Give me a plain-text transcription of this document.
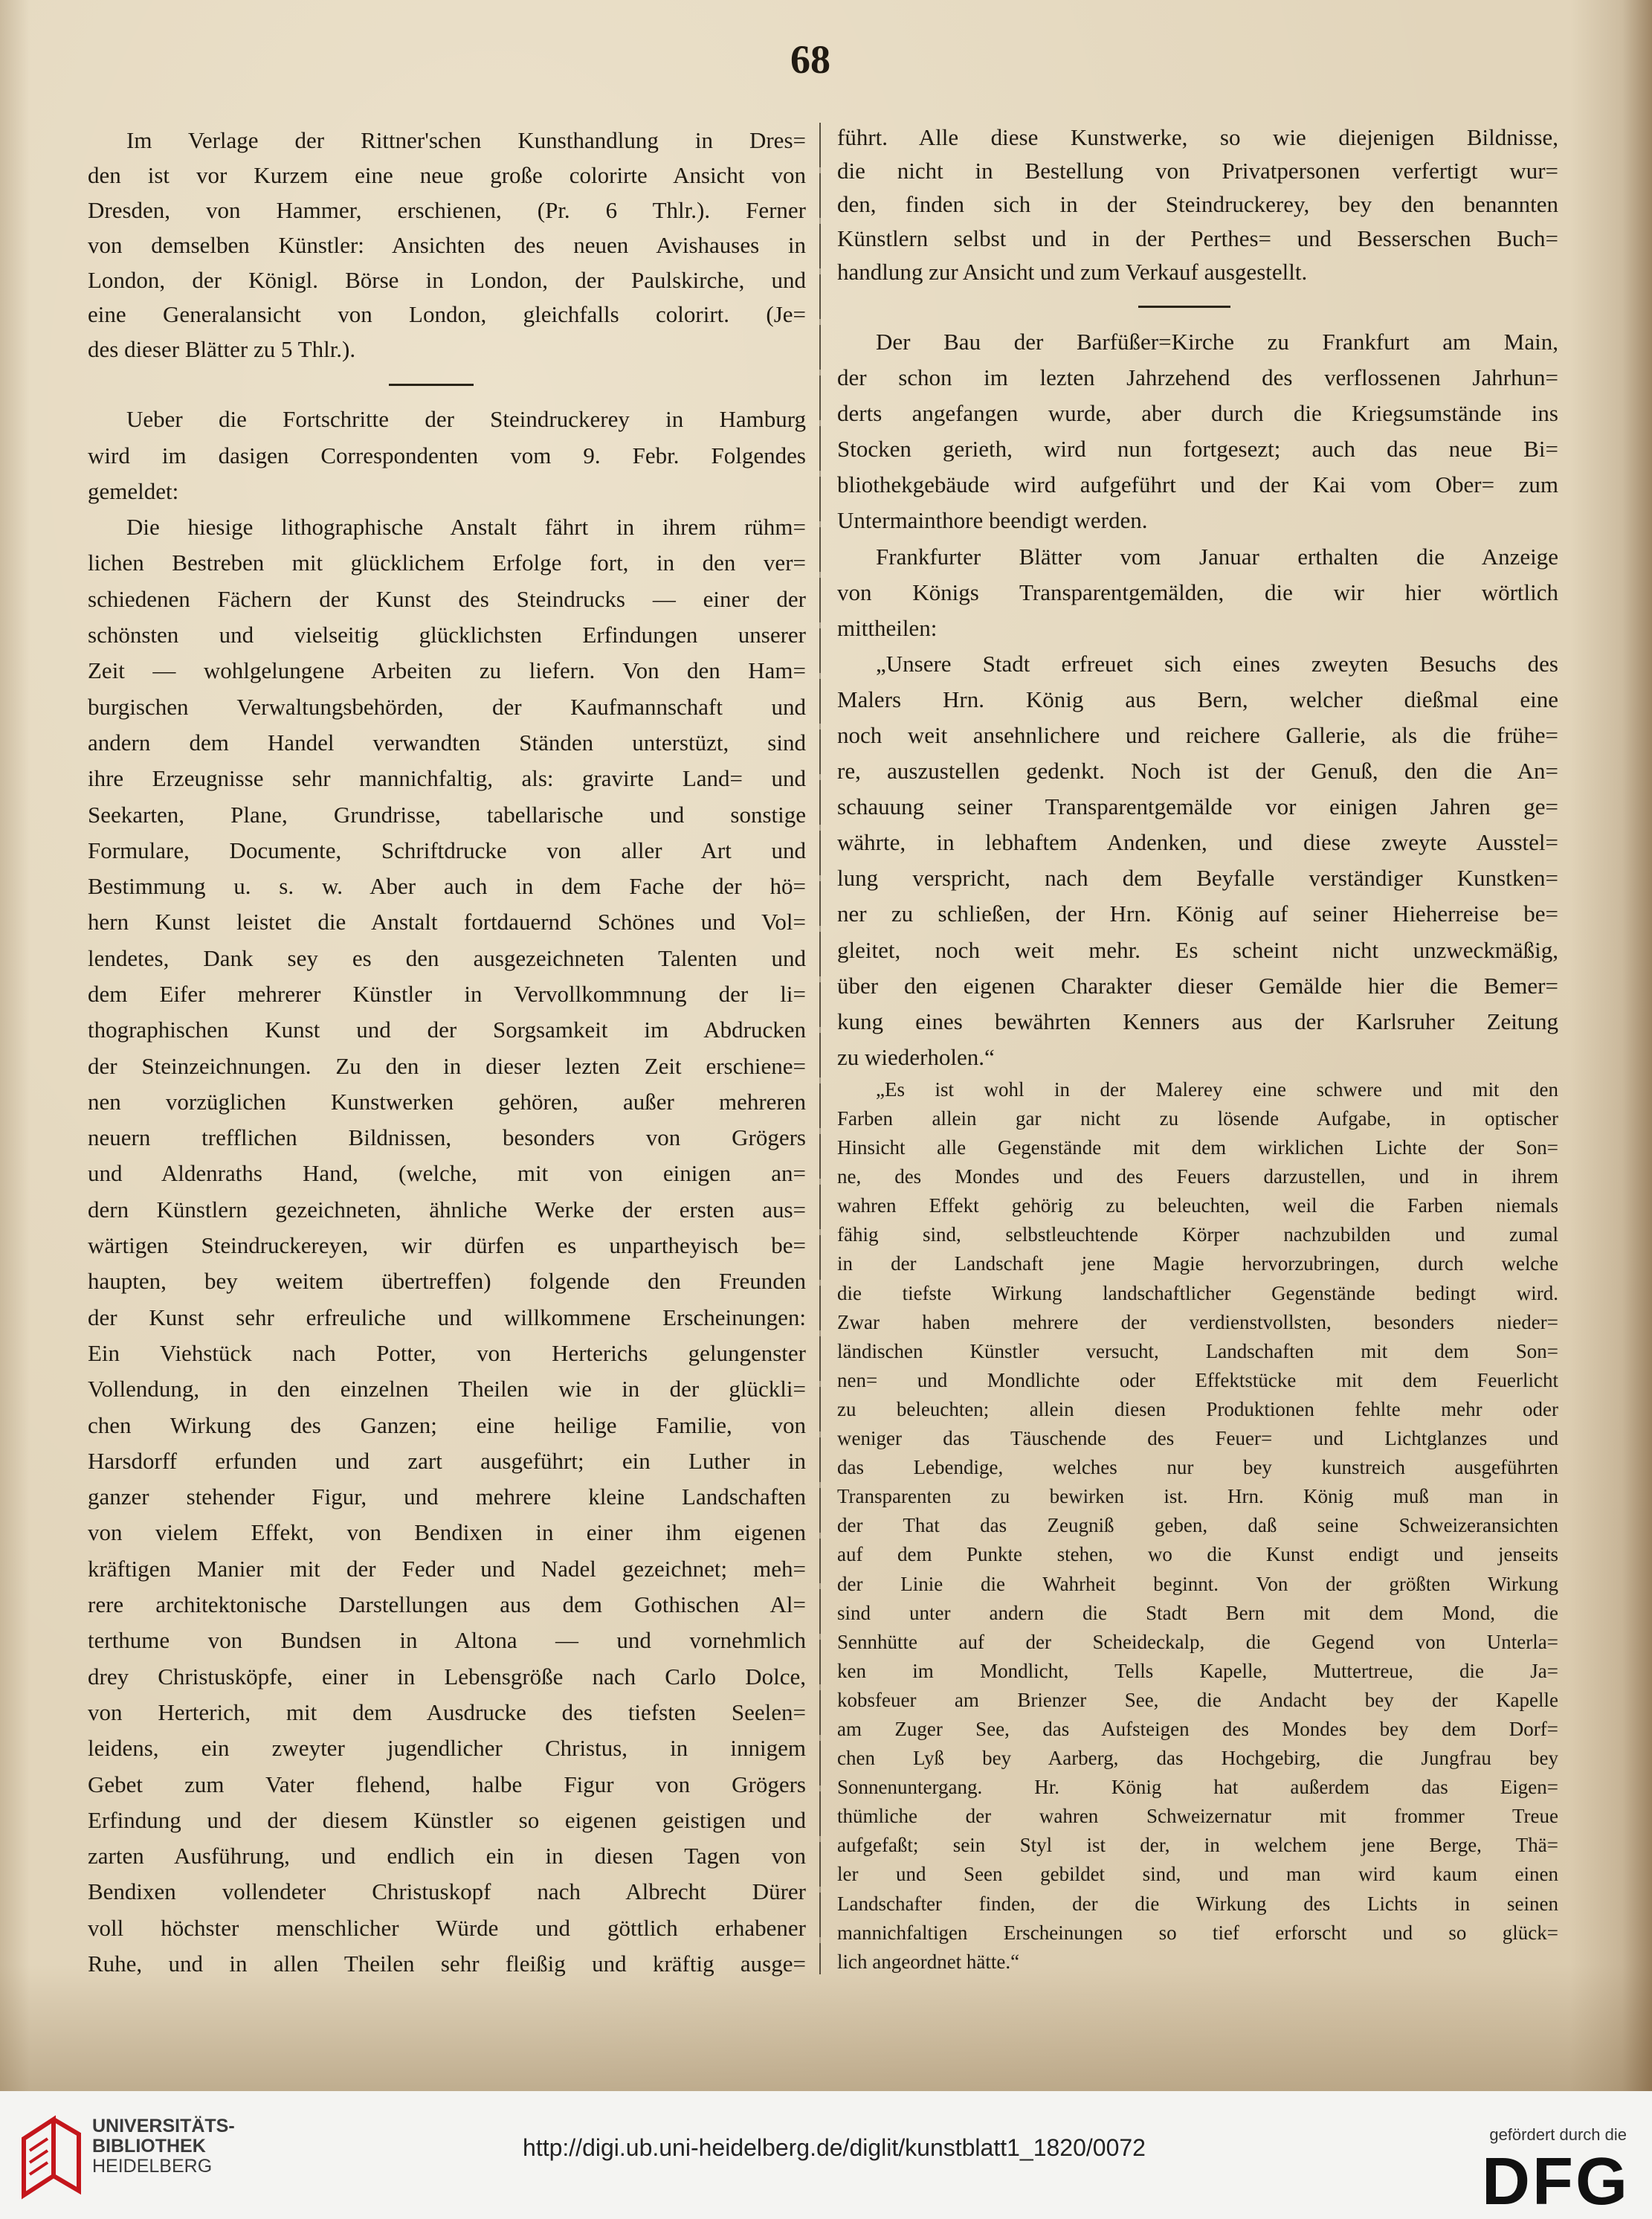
68
Im Verlage der Rittner'schen Kunsthandlung in Dres=
den ist vor Kurzem eine neue große colorirte Ansicht von
Dresden, von Hammer, erschienen, (Pr. 6 Thlr.). Ferner
von demselben Künstler: Ansichten des neuen Avishauses in
London, der Königl. Börse in London, der Paulskirche, und
eine Generalansicht von London, gleichfalls colorirt. (Je=
des dieser Blätter zu 5 Thlr.).
Ueber die Fortschritte der Steindruckerey in Hamburg
wird im dasigen Correspondenten vom 9. Febr. Folgendes
gemeldet:
Die hiesige lithographische Anstalt fährt in ihrem rühm=
lichen Bestreben mit glücklichem Erfolge fort, in den ver=
schiedenen Fächern der Kunst des Steindrucks — einer der
schönsten und vielseitig glücklichsten Erfindungen unserer
Zeit — wohlgelungene Arbeiten zu liefern. Von den Ham=
burgischen Verwaltungsbehörden, der Kaufmannschaft und
andern dem Handel verwandten Ständen unterstüzt, sind
ihre Erzeugnisse sehr mannichfaltig, als: gravirte Land= und
Seekarten, Plane, Grundrisse, tabellarische und sonstige
Formulare, Documente, Schriftdrucke von aller Art und
Bestimmung u. s. w. Aber auch in dem Fache der hö=
hern Kunst leistet die Anstalt fortdauernd Schönes und Vol=
lendetes, Dank sey es den ausgezeichneten Talenten und
dem Eifer mehrerer Künstler in Vervollkommnung der li=
thographischen Kunst und der Sorgsamkeit im Abdrucken
der Steinzeichnungen. Zu den in dieser lezten Zeit erschiene=
nen vorzüglichen Kunstwerken gehören, außer mehreren
neuern trefflichen Bildnissen, besonders von Grögers
und Aldenraths Hand, (welche, mit von einigen an=
dern Künstlern gezeichneten, ähnliche Werke der ersten aus=
wärtigen Steindruckereyen, wir dürfen es unpartheyisch be=
haupten, bey weitem übertreffen) folgende den Freunden
der Kunst sehr erfreuliche und willkommene Erscheinungen:
Ein Viehstück nach Potter, von Herterichs gelungenster
Vollendung, in den einzelnen Theilen wie in der glückli=
chen Wirkung des Ganzen; eine heilige Familie, von
Harsdorff erfunden und zart ausgeführt; ein Luther in
ganzer stehender Figur, und mehrere kleine Landschaften
von vielem Effekt, von Bendixen in einer ihm eigenen
kräftigen Manier mit der Feder und Nadel gezeichnet; meh=
rere architektonische Darstellungen aus dem Gothischen Al=
terthume von Bundsen in Altona — und vornehmlich
drey Christusköpfe, einer in Lebensgröße nach Carlo Dolce,
von Herterich, mit dem Ausdrucke des tiefsten Seelen=
leidens, ein zweyter jugendlicher Christus, in innigem
Gebet zum Vater flehend, halbe Figur von Grögers
Erfindung und der diesem Künstler so eigenen geistigen und
zarten Ausführung, und endlich ein in diesen Tagen von
Bendixen vollendeter Christuskopf nach Albrecht Dürer
voll höchster menschlicher Würde und göttlich erhabener
Ruhe, und in allen Theilen sehr fleißig und kräftig ausge=
führt. Alle diese Kunstwerke, so wie diejenigen Bildnisse,
die nicht in Bestellung von Privatpersonen verfertigt wur=
den, finden sich in der Steindruckerey, bey den benannten
Künstlern selbst und in der Perthes= und Besserschen Buch=
handlung zur Ansicht und zum Verkauf ausgestellt.
Der Bau der Barfüßer=Kirche zu Frankfurt am Main,
der schon im lezten Jahrzehend des verflossenen Jahrhun=
derts angefangen wurde, aber durch die Kriegsumstände ins
Stocken gerieth, wird nun fortgesezt; auch das neue Bi=
bliothekgebäude wird aufgeführt und der Kai vom Ober= zum
Untermainthore beendigt werden.
Frankfurter Blätter vom Januar erthalten die Anzeige
von Königs Transparentgemälden, die wir hier wörtlich
mittheilen:
„Unsere Stadt erfreuet sich eines zweyten Besuchs des
Malers Hrn. König aus Bern, welcher dießmal eine
noch weit ansehnlichere und reichere Gallerie, als die frühe=
re, auszustellen gedenkt. Noch ist der Genuß, den die An=
schauung seiner Transparentgemälde vor einigen Jahren ge=
währte, in lebhaftem Andenken, und diese zweyte Ausstel=
lung verspricht, nach dem Beyfalle verständiger Kunstken=
ner zu schließen, der Hrn. König auf seiner Hieherreise be=
gleitet, noch weit mehr. Es scheint nicht unzweckmäßig,
über den eigenen Charakter dieser Gemälde hier die Bemer=
kung eines bewährten Kenners aus der Karlsruher Zeitung
zu wiederholen.“
„Es ist wohl in der Malerey eine schwere und mit den
Farben allein gar nicht zu lösende Aufgabe, in optischer
Hinsicht alle Gegenstände mit dem wirklichen Lichte der Son=
ne, des Mondes und des Feuers darzustellen, und in ihrem
wahren Effekt gehörig zu beleuchten, weil die Farben niemals
fähig sind, selbstleuchtende Körper nachzubilden und zumal
in der Landschaft jene Magie hervorzubringen, durch welche
die tiefste Wirkung landschaftlicher Gegenstände bedingt wird.
Zwar haben mehrere der verdienstvollsten, besonders nieder=
ländischen Künstler versucht, Landschaften mit dem Son=
nen= und Mondlichte oder Effektstücke mit dem Feuerlicht
zu beleuchten; allein diesen Produktionen fehlte mehr oder
weniger das Täuschende des Feuer= und Lichtglanzes und
das Lebendige, welches nur bey kunstreich ausgeführten
Transparenten zu bewirken ist. Hrn. König muß man in
der That das Zeugniß geben, daß seine Schweizeransichten
auf dem Punkte stehen, wo die Kunst endigt und jenseits
der Linie die Wahrheit beginnt. Von der größten Wirkung
sind unter andern die Stadt Bern mit dem Mond, die
Sennhütte auf der Scheideckalp, die Gegend von Unterla=
ken im Mondlicht, Tells Kapelle, Muttertreue, die Ja=
kobsfeuer am Brienzer See, die Andacht bey der Kapelle
am Zuger See, das Aufsteigen des Mondes bey dem Dorf=
chen Lyß bey Aarberg, das Hochgebirg, die Jungfrau bey
Sonnenuntergang. Hr. König hat außerdem das Eigen=
thümliche der wahren Schweizernatur mit frommer Treue
aufgefaßt; sein Styl ist der, in welchem jene Berge, Thä=
ler und Seen gebildet sind, und man wird kaum einen
Landschafter finden, der die Wirkung des Lichts in seinen
mannichfaltigen Erscheinungen so tief erforscht und so glück=
lich angeordnet hätte.“
UNIVERSITÄTS-
BIBLIOTHEK
HEIDELBERG
http://digi.ub.uni-heidelberg.de/diglit/kunstblatt1_1820/0072	gefördert durch die
DFG
